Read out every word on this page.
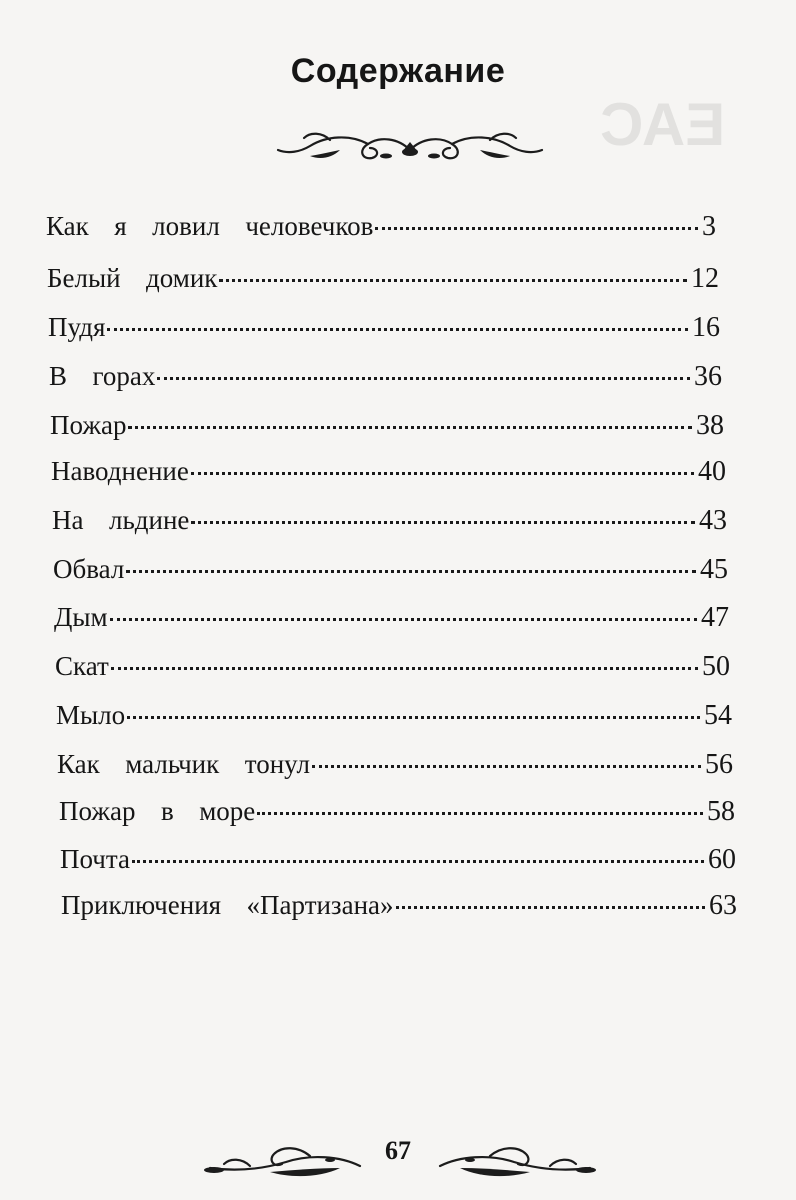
ЕАС
Содержание
Как  я  ловил  человечков	3
Белый  домик	12
Пудя	16
В  горах	36
Пожар	38
Наводнение	40
На  льдине	43
Обвал	45
Дым	47
Скат	50
Мыло	54
Как  мальчик  тонул	56
Пожар  в  море	58
Почта	60
Приключения  «Партизана»	63
67
